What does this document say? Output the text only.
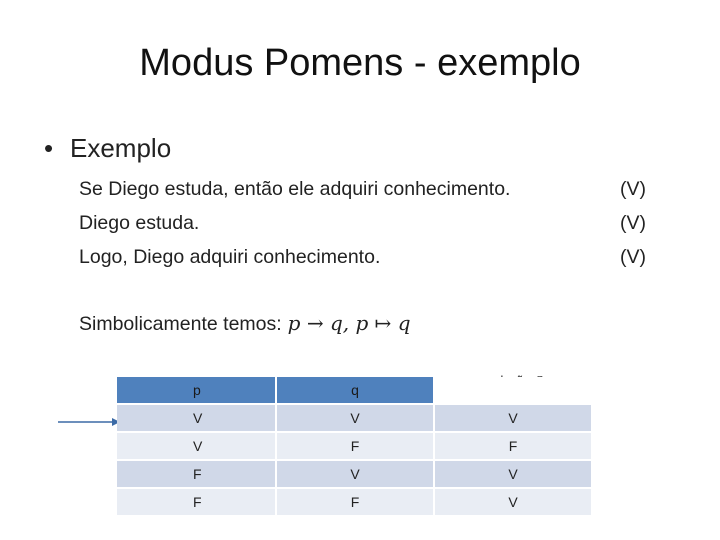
Modus Pomens - exemplo
• Exemplo
Se Diego estuda, então ele adquiri conhecimento.	(V)
Diego estuda.	(V)
Logo, Diego adquiri conhecimento.	(V)
Simbolicamente temos: p → q, p ↦ q
p	q	
V	V	V
V	F	F
F	V	V
F	F	V
